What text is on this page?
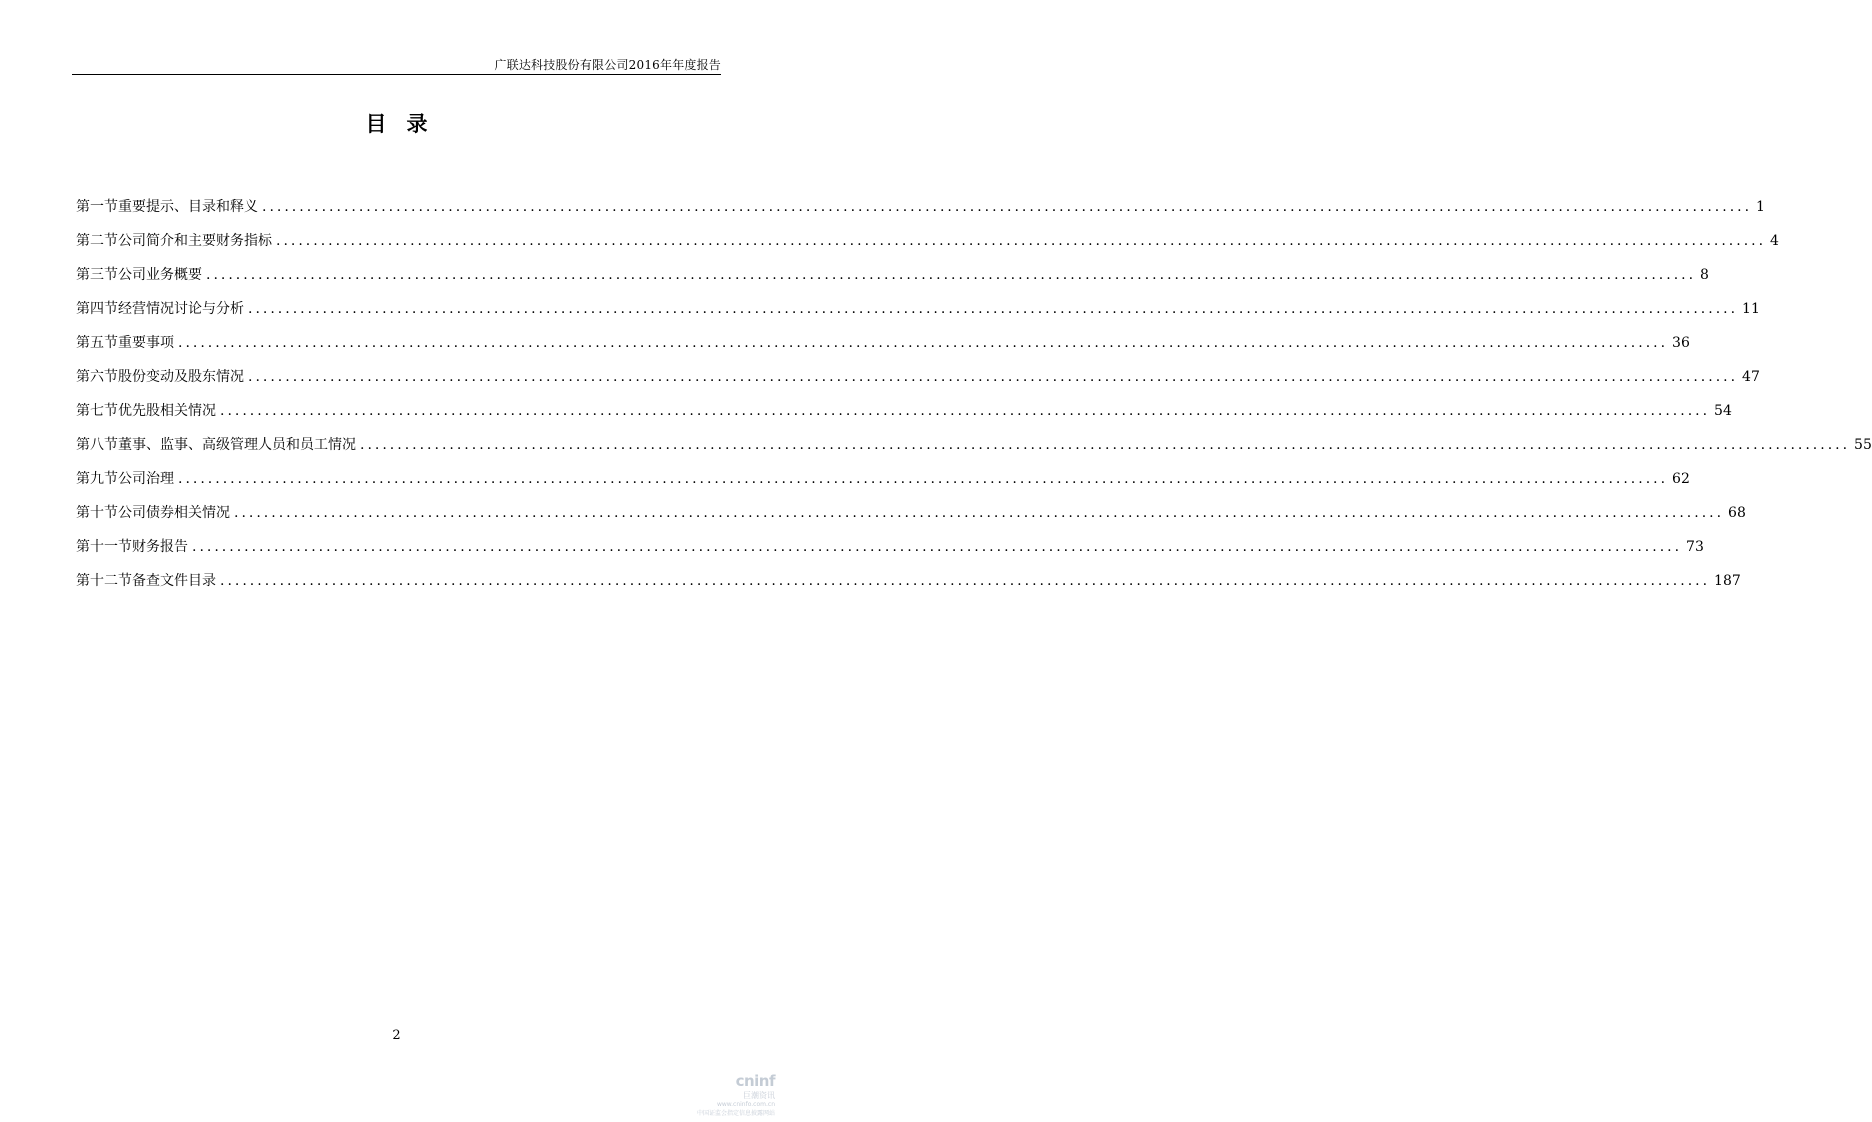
广联达科技股份有限公司2016年年度报告
目录
第一节 重要提示、目录和释义 ........................................................................................................................................................................................................ 1
第二节 公司简介和主要财务指标 ........................................................................................................................................................................................................ 4
第三节 公司业务概要 ........................................................................................................................................................................................................ 8
第四节 经营情况讨论与分析 ........................................................................................................................................................................................................ 11
第五节 重要事项 ........................................................................................................................................................................................................ 36
第六节 股份变动及股东情况 ........................................................................................................................................................................................................ 47
第七节 优先股相关情况 ........................................................................................................................................................................................................ 54
第八节 董事、监事、高级管理人员和员工情况 ........................................................................................................................................................................................................ 55
第九节 公司治理 ........................................................................................................................................................................................................ 62
第十节 公司债券相关情况 ........................................................................................................................................................................................................ 68
第十一节 财务报告 ........................................................................................................................................................................................................ 73
第十二节 备查文件目录 ........................................................................................................................................................................................................ 187
2
cninf
巨潮资讯
www.cninfo.com.cn
中国证监会指定信息披露网站
